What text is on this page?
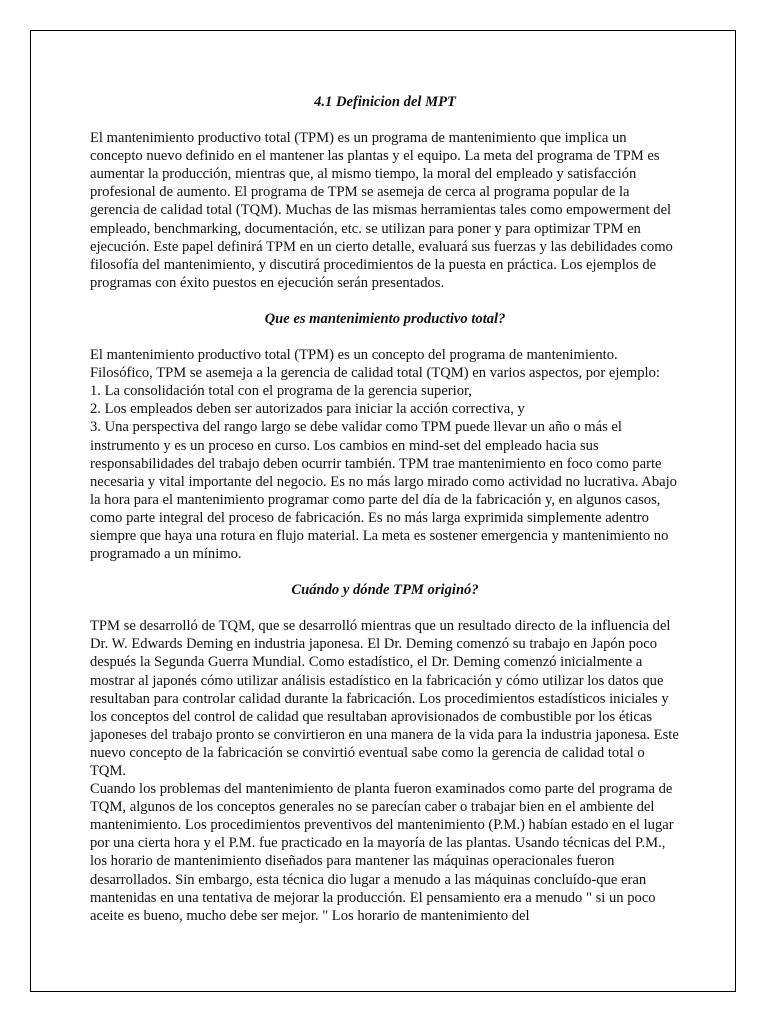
4.1 Definicion del MPT

El mantenimiento productivo total (TPM) es un programa de mantenimiento que implica un concepto nuevo definido en el mantener las plantas y el equipo. La meta del programa de TPM es aumentar la producción, mientras que, al mismo tiempo, la moral del empleado y satisfacción profesional de aumento. El programa de TPM se asemeja de cerca al programa popular de la gerencia de calidad total (TQM). Muchas de las mismas herramientas tales como empowerment del empleado, benchmarking, documentación, etc. se utilizan para poner y para optimizar TPM en ejecución. Este papel definirá TPM en un cierto detalle, evaluará sus fuerzas y las debilidades como filosofía del mantenimiento, y discutirá procedimientos de la puesta en práctica. Los ejemplos de programas con éxito puestos en ejecución serán presentados.

Que es mantenimiento productivo total?

El mantenimiento productivo total (TPM) es un concepto del programa de mantenimiento. Filosófico, TPM se asemeja a la gerencia de calidad total (TQM) en varios aspectos, por ejemplo:

1. La consolidación total con el programa de la gerencia superior,

2. Los empleados deben ser autorizados para iniciar la acción correctiva, y

3. Una perspectiva del rango largo se debe validar como TPM puede llevar un año o más el instrumento y es un proceso en curso. Los cambios en mind-set del empleado hacia sus responsabilidades del trabajo deben ocurrir también. TPM trae mantenimiento en foco como parte necesaria y vital importante del negocio. Es no más largo mirado como actividad no lucrativa. Abajo la hora para el mantenimiento programar como parte del día de la fabricación y, en algunos casos, como parte integral del proceso de fabricación. Es no más larga exprimida simplemente adentro siempre que haya una rotura en flujo material. La meta es sostener emergencia y mantenimiento no programado a un mínimo.

Cuándo y dónde TPM originó?

TPM se desarrolló de TQM, que se desarrolló mientras que un resultado directo de la influencia del Dr. W. Edwards Deming en industria japonesa. El Dr. Deming comenzó su trabajo en Japón poco después la Segunda Guerra Mundial. Como estadístico, el Dr. Deming comenzó inicialmente a mostrar al japonés cómo utilizar análisis estadístico en la fabricación y cómo utilizar los datos que resultaban para controlar calidad durante la fabricación. Los procedimientos estadísticos iniciales y los conceptos del control de calidad que resultaban aprovisionados de combustible por los éticas japoneses del trabajo pronto se convirtieron en una manera de la vida para la industria japonesa. Este nuevo concepto de la fabricación se convirtió eventual sabe como la gerencia de calidad total o TQM.

Cuando los problemas del mantenimiento de planta fueron examinados como parte del programa de TQM, algunos de los conceptos generales no se parecían caber o trabajar bien en el ambiente del mantenimiento. Los procedimientos preventivos del mantenimiento (P.M.) habían estado en el lugar por una cierta hora y el P.M. fue practicado en la mayoría de las plantas. Usando técnicas del P.M., los horario de mantenimiento diseñados para mantener las máquinas operacionales fueron desarrollados. Sin embargo, esta técnica dio lugar a menudo a las máquinas concluído-que eran mantenidas en una tentativa de mejorar la producción. El pensamiento era a menudo " si un poco aceite es bueno, mucho debe ser mejor. " Los horario de mantenimiento del
